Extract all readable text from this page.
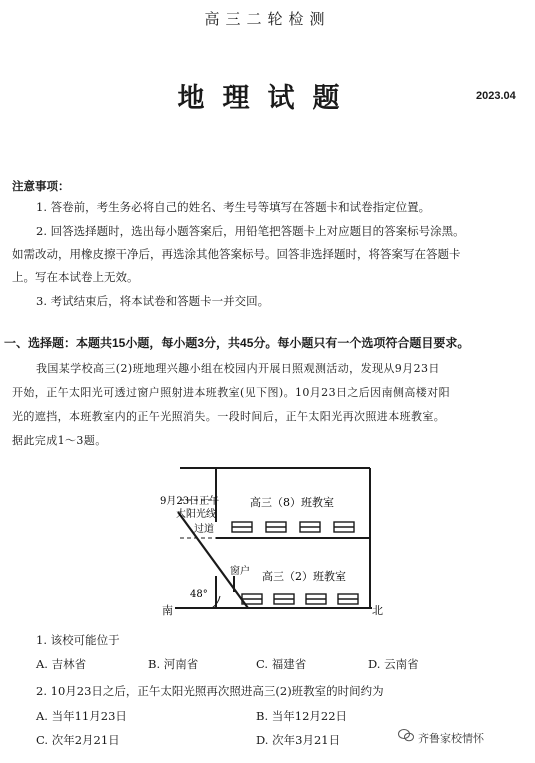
高三二轮检测
地理试题	2023.04
注意事项：
1. 答卷前，考生务必将自己的姓名、考生号等填写在答题卡和试卷指定位置。
2. 回答选择题时，选出每小题答案后，用铅笔把答题卡上对应题目的答案标号涂黑。
如需改动，用橡皮擦干净后，再选涂其他答案标号。回答非选择题时，将答案写在答题卡
上。写在本试卷上无效。
3. 考试结束后，将本试卷和答题卡一并交回。
一、选择题：本题共15小题，每小题3分，共45分。每小题只有一个选项符合题目要求。
我国某学校高三(2)班地理兴趣小组在校园内开展日照观测活动，发现从9月23日
开始，正午太阳光可透过窗户照射进本班教室(见下图)。10月23日之后因南侧高楼对阳
光的遮挡，本班教室内的正午光照消失。一段时间后，正午太阳光再次照进本班教室。
据此完成1～3题。
9月23日正午
太阳光线
高三（8）班教室
过道
窗户 高三（2）班教室
48°
南	北
1. 该校可能位于
A. 吉林省	B. 河南省	C. 福建省	D. 云南省
2. 10月23日之后，正午太阳光照再次照进高三(2)班教室的时间约为
A. 当年11月23日	B. 当年12月22日
C. 次年2月21日	D. 次年3月21日	齐鲁家校情怀
